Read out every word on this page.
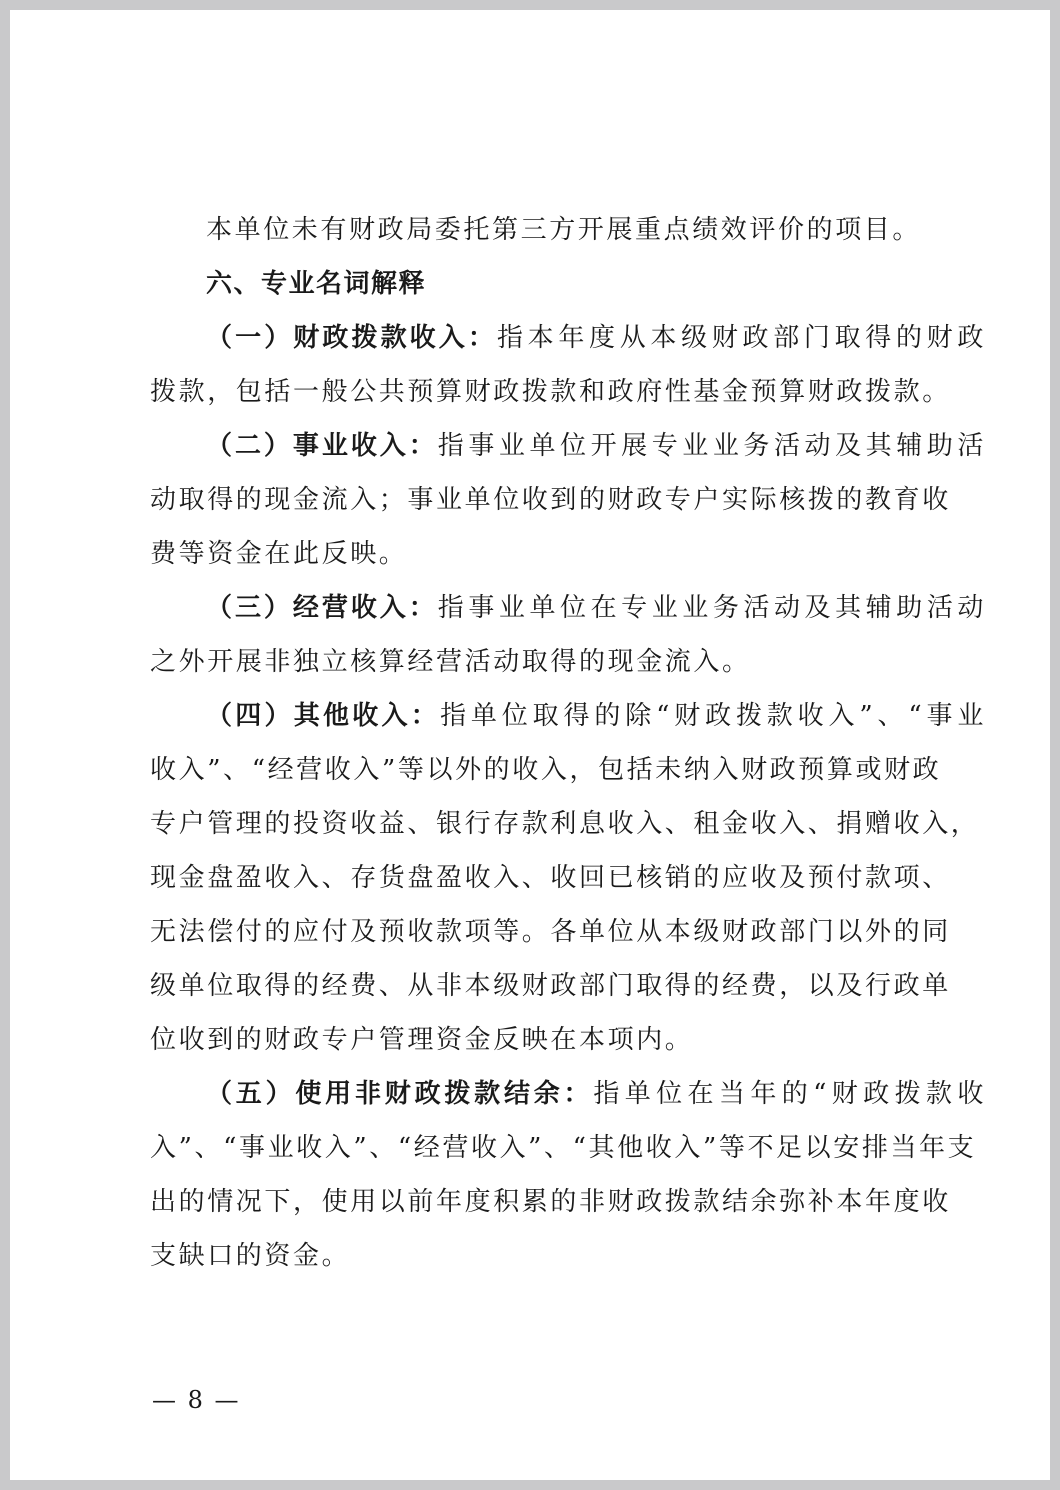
本单位未有财政局委托第三方开展重点绩效评价的项目。
六、专业名词解释
（一）财政拨款收入：指本年度从本级财政部门取得的财政
拨款，包括一般公共预算财政拨款和政府性基金预算财政拨款。
（二）事业收入：指事业单位开展专业业务活动及其辅助活
动取得的现金流入；事业单位收到的财政专户实际核拨的教育收
费等资金在此反映。
（三）经营收入：指事业单位在专业业务活动及其辅助活动
之外开展非独立核算经营活动取得的现金流入。
（四）其他收入：指单位取得的除“财政拨款收入”、“事业
收入”、“经营收入”等以外的收入，包括未纳入财政预算或财政
专户管理的投资收益、银行存款利息收入、租金收入、捐赠收入，
现金盘盈收入、存货盘盈收入、收回已核销的应收及预付款项、
无法偿付的应付及预收款项等。各单位从本级财政部门以外的同
级单位取得的经费、从非本级财政部门取得的经费，以及行政单
位收到的财政专户管理资金反映在本项内。
（五）使用非财政拨款结余：指单位在当年的“财政拨款收
入”、“事业收入”、“经营收入”、“其他收入”等不足以安排当年支
出的情况下，使用以前年度积累的非财政拨款结余弥补本年度收
支缺口的资金。
— 8 —
